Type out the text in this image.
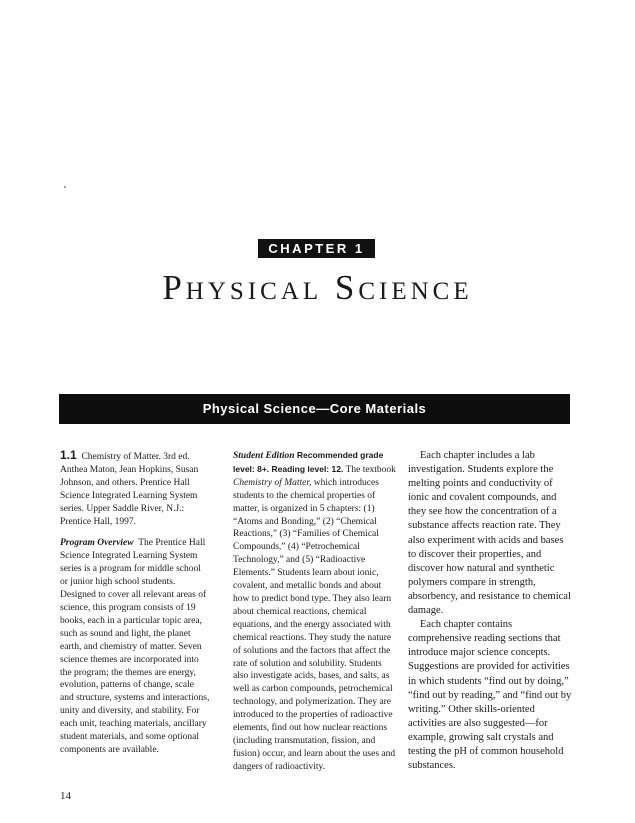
CHAPTER 1
Physical Science
Physical Science—Core Materials

1.1 Chemistry of Matter. 3rd ed. Anthea Maton, Jean Hopkins, Susan Johnson, and others. Prentice Hall Science Integrated Learning System series. Upper Saddle River, N.J.: Prentice Hall, 1997.

Program Overview The Prentice Hall Science Integrated Learning System series is a program for middle school or junior high school students. Designed to cover all relevant areas of science, this program consists of 19 books, each in a particular topic area, such as sound and light, the planet earth, and chemistry of matter. Seven science themes are incorporated into the program; the themes are energy, evolution, patterns of change, scale and structure, systems and interactions, unity and diversity, and stability. For each unit, teaching materials, ancillary student materials, and some optional components are available.

Student Edition Recommended grade level: 8+. Reading level: 12. The textbook Chemistry of Matter, which introduces students to the chemical properties of matter, is organized in 5 chapters: (1) “Atoms and Bonding,” (2) “Chemical Reactions,” (3) “Families of Chemical Compounds,” (4) “Petrochemical Technology,” and (5) “Radioactive Elements.” Students learn about ionic, covalent, and metallic bonds and about how to predict bond type. They also learn about chemical reactions, chemical equations, and the energy associated with chemical reactions. They study the nature of solutions and the factors that affect the rate of solution and solubility. Students also investigate acids, bases, and salts, as well as carbon compounds, petrochemical technology, and polymerization. They are introduced to the properties of radioactive elements, find out how nuclear reactions (including transmutation, fission, and fusion) occur, and learn about the uses and dangers of radioactivity.

Each chapter includes a lab investigation. Students explore the melting points and conductivity of ionic and covalent compounds, and they see how the concentration of a substance affects reaction rate. They also experiment with acids and bases to discover their properties, and discover how natural and synthetic polymers compare in strength, absorbency, and resistance to chemical damage.

Each chapter contains comprehensive reading sections that introduce major science concepts. Suggestions are provided for activities in which students “find out by doing,” “find out by reading,” and “find out by writing.” Other skills-oriented activities are also suggested—for example, growing salt crystals and testing the pH of common household substances.

14
